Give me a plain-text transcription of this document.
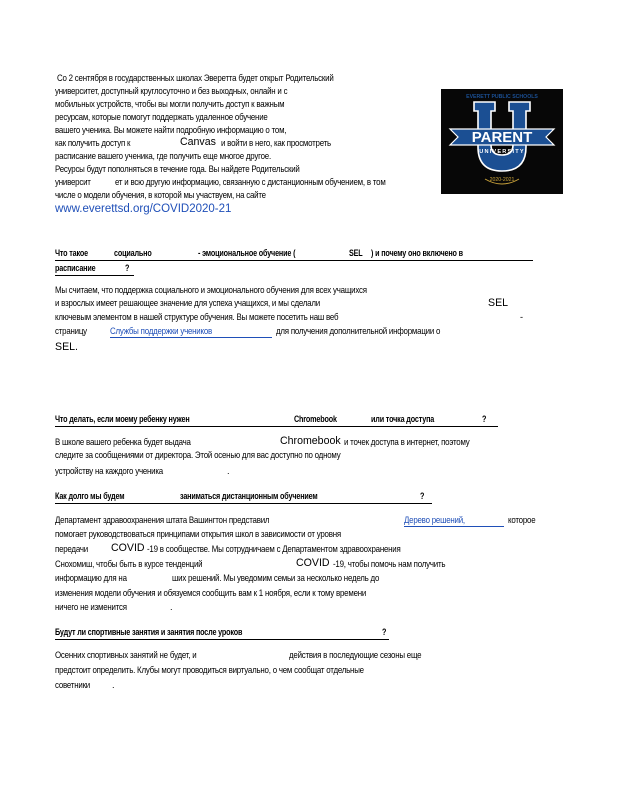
Со 2 сентября в государственных школах Эверетта будет открыт Родительский
университет, доступный круглосуточно и без выходных, онлайн и с
мобильных устройств, чтобы вы могли получить доступ к важным
ресурсам, которые помогут поддержать удаленное обучение
вашего ученика. Вы можете найти подробную информацию о том,
как получить доступ к	Canvas и войти в него, как просмотреть
расписание вашего ученика, где получить еще многое другое.
Ресурсы будут пополняться в течение года. Вы найдете Родительский
университ	ет и всю другую информацию, связанную с дистанционным обучением, в том
числе о модели обучения, в которой мы участвуем, на сайте
www.everettsd.org/COVID2020-21
EVERETT PUBLIC SCHOOLS
PARENT
UNIVERSITY
2020-2021
Что такое	социально	- эмоциональное обучение (	SEL ) и почему оно включено в
расписание	?
Мы считаем, что поддержка социального и эмоционального обучения для всех учащихся
и взрослых имеет решающее значение для успеха учащихся, и мы сделали	SEL
ключевым элементом в нашей структуре обучения. Вы можете посетить наш веб	-
страницу	Службы поддержки учеников	для получения дополнительной информации о
SEL.
Что делать, если моему ребенку нужен	Chromebook	или точка доступа	?
В школе вашего ребенка будет выдача	Chromebook и точек доступа в интернет, поэтому
следите за сообщениями от директора. Этой осенью для вас доступно по одному
устройству на каждого ученика	.
Как долго мы будем	заниматься дистанционным обучением	?
Департамент здравоохранения штата Вашингтон представил	Дерево решений,	которое
помогает руководствоваться принципами открытия школ в зависимости от уровня
передачи COVID -19 в сообществе. Мы сотрудничаем с Департаментом здравоохранения
Снохомиш, чтобы быть в курсе тенденций	COVID -19, чтобы помочь нам получить
информацию для на	ших решений. Мы уведомим семьи за несколько недель до
изменения модели обучения и обязуемся сообщить вам к 1 ноября, если к тому времени
ничего не изменится	.
Будут ли спортивные занятия и занятия после уроков	?
Осенних спортивных занятий не будет, и	действия в последующие сезоны еще
предстоит определить. Клубы могут проводиться виртуально, о чем сообщат отдельные
советники .
